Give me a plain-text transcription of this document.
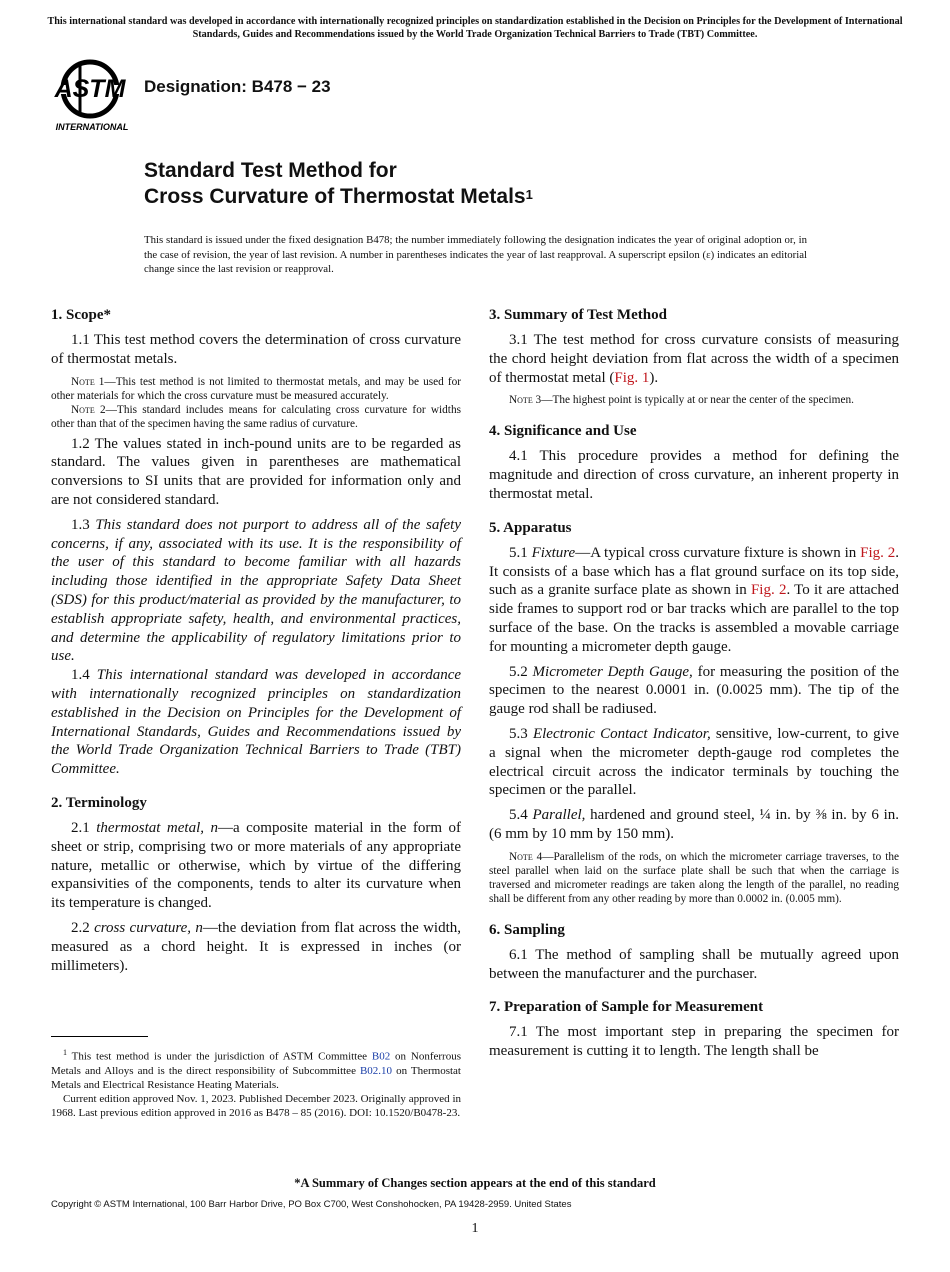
This international standard was developed in accordance with internationally recognized principles on standardization established in the Decision on Principles for the Development of International Standards, Guides and Recommendations issued by the World Trade Organization Technical Barriers to Trade (TBT) Committee.
ASTM
INTERNATIONAL
Designation: B478 − 23
Standard Test Method for
Cross Curvature of Thermostat Metals$^1$
This standard is issued under the fixed designation B478; the number immediately following the designation indicates the year of original adoption or, in the case of revision, the year of last revision. A number in parentheses indicates the year of last reapproval. A superscript epsilon (ε) indicates an editorial change since the last revision or reapproval.
1. Scope*

1.1 This test method covers the determination of cross curvature of thermostat metals.

Note 1—This test method is not limited to thermostat metals, and may be used for other materials for which the cross curvature must be measured accurately.

Note 2—This standard includes means for calculating cross curvature for widths other than that of the specimen having the same radius of curvature.

1.2 The values stated in inch-pound units are to be regarded as standard. The values given in parentheses are mathematical conversions to SI units that are provided for information only and are not considered standard.

1.3 This standard does not purport to address all of the safety concerns, if any, associated with its use. It is the responsibility of the user of this standard to become familiar with all hazards including those identified in the appropriate Safety Data Sheet (SDS) for this product/material as provided by the manufacturer, to establish appropriate safety, health, and environmental practices, and determine the applicability of regulatory limitations prior to use.

1.4 This international standard was developed in accordance with internationally recognized principles on standardization established in the Decision on Principles for the Development of International Standards, Guides and Recommendations issued by the World Trade Organization Technical Barriers to Trade (TBT) Committee.

2. Terminology

2.1 thermostat metal, n—a composite material in the form of sheet or strip, comprising two or more materials of any appropriate nature, metallic or otherwise, which by virtue of the differing expansivities of the components, tends to alter its curvature when its temperature is changed.

2.2 cross curvature, n—the deviation from flat across the width, measured as a chord height. It is expressed in inches (or millimeters).

3. Summary of Test Method

3.1 The test method for cross curvature consists of measuring the chord height deviation from flat across the width of a specimen of thermostat metal (Fig. 1).

Note 3—The highest point is typically at or near the center of the specimen.

4. Significance and Use

4.1 This procedure provides a method for defining the magnitude and direction of cross curvature, an inherent property in thermostat metal.

5. Apparatus

5.1 Fixture—A typical cross curvature fixture is shown in Fig. 2. It consists of a base which has a flat ground surface on its top side, such as a granite surface plate as shown in Fig. 2. To it are attached side frames to support rod or bar tracks which are parallel to the top surface of the base. On the tracks is assembled a movable carriage for mounting a micrometer depth gauge.

5.2 Micrometer Depth Gauge, for measuring the position of the specimen to the nearest 0.0001 in. (0.0025 mm). The tip of the gauge rod shall be radiused.

5.3 Electronic Contact Indicator, sensitive, low-current, to give a signal when the micrometer depth-gauge rod completes the electrical circuit across the indicator terminals by touching the specimen or the parallel.

5.4 Parallel, hardened and ground steel, ¼ in. by ⅜ in. by 6 in. (6 mm by 10 mm by 150 mm).

Note 4—Parallelism of the rods, on which the micrometer carriage traverses, to the steel parallel when laid on the surface plate shall be such that when the carriage is traversed and micrometer readings are taken along the length of the parallel, no reading shall be different from any other reading by more than 0.0002 in. (0.005 mm).

6. Sampling

6.1 The method of sampling shall be mutually agreed upon between the manufacturer and the purchaser.

7. Preparation of Sample for Measurement

7.1 The most important step in preparing the specimen for measurement is cutting it to length. The length shall be

$^1$ This test method is under the jurisdiction of ASTM Committee B02 on Nonferrous Metals and Alloys and is the direct responsibility of Subcommittee B02.10 on Thermostat Metals and Electrical Resistance Heating Materials.

Current edition approved Nov. 1, 2023. Published December 2023. Originally approved in 1968. Last previous edition approved in 2016 as B478 – 85 (2016). DOI: 10.1520/B0478-23.

*A Summary of Changes section appears at the end of this standard
Copyright © ASTM International, 100 Barr Harbor Drive, PO Box C700, West Conshohocken, PA 19428-2959. United States
1
